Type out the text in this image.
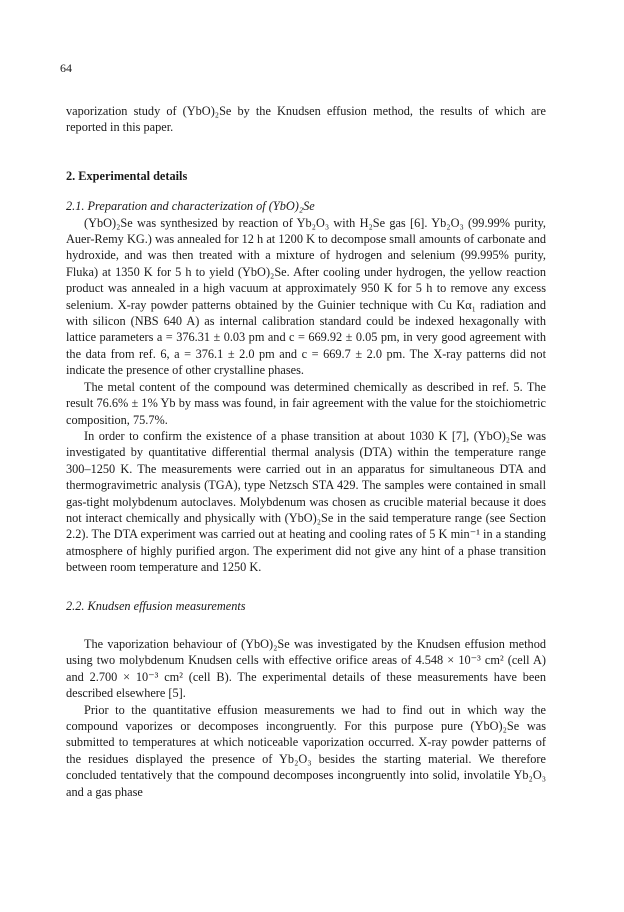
64

vaporization study of (YbO)₂Se by the Knudsen effusion method, the results of which are reported in this paper.

2. Experimental details

2.1. Preparation and characterization of (YbO)₂Se

(YbO)₂Se was synthesized by reaction of Yb₂O₃ with H₂Se gas [6]. Yb₂O₃ (99.99% purity, Auer-Remy KG.) was annealed for 12 h at 1200 K to decompose small amounts of carbonate and hydroxide, and was then treated with a mixture of hydrogen and selenium (99.995% purity, Fluka) at 1350 K for 5 h to yield (YbO)₂Se. After cooling under hydrogen, the yellow reaction product was annealed in a high vacuum at approximately 950 K for 5 h to remove any excess selenium. X-ray powder patterns obtained by the Guinier technique with Cu Kα₁ radiation and with silicon (NBS 640 A) as internal calibration standard could be indexed hexagonally with lattice parameters a = 376.31 ± 0.03 pm and c = 669.92 ± 0.05 pm, in very good agreement with the data from ref. 6, a = 376.1 ± 2.0 pm and c = 669.7 ± 2.0 pm. The X-ray patterns did not indicate the presence of other crystalline phases.

The metal content of the compound was determined chemically as described in ref. 5. The result 76.6% ± 1% Yb by mass was found, in fair agreement with the value for the stoichiometric composition, 75.7%.

In order to confirm the existence of a phase transition at about 1030 K [7], (YbO)₂Se was investigated by quantitative differential thermal analysis (DTA) within the temperature range 300–1250 K. The measurements were carried out in an apparatus for simultaneous DTA and thermogravimetric analysis (TGA), type Netzsch STA 429. The samples were contained in small gas-tight molybdenum autoclaves. Molybdenum was chosen as crucible material because it does not interact chemically and physically with (YbO)₂Se in the said temperature range (see Section 2.2). The DTA experiment was carried out at heating and cooling rates of 5 K min⁻¹ in a standing atmosphere of highly purified argon. The experiment did not give any hint of a phase transition between room temperature and 1250 K.

2.2. Knudsen effusion measurements

The vaporization behaviour of (YbO)₂Se was investigated by the Knudsen effusion method using two molybdenum Knudsen cells with effective orifice areas of 4.548 × 10⁻³ cm² (cell A) and 2.700 × 10⁻³ cm² (cell B). The experimental details of these measurements have been described elsewhere [5].

Prior to the quantitative effusion measurements we had to find out in which way the compound vaporizes or decomposes incongruently. For this purpose pure (YbO)₂Se was submitted to temperatures at which noticeable vaporization occurred. X-ray powder patterns of the residues displayed the presence of Yb₂O₃ besides the starting material. We therefore concluded tentatively that the compound decomposes incongruently into solid, involatile Yb₂O₃ and a gas phase
